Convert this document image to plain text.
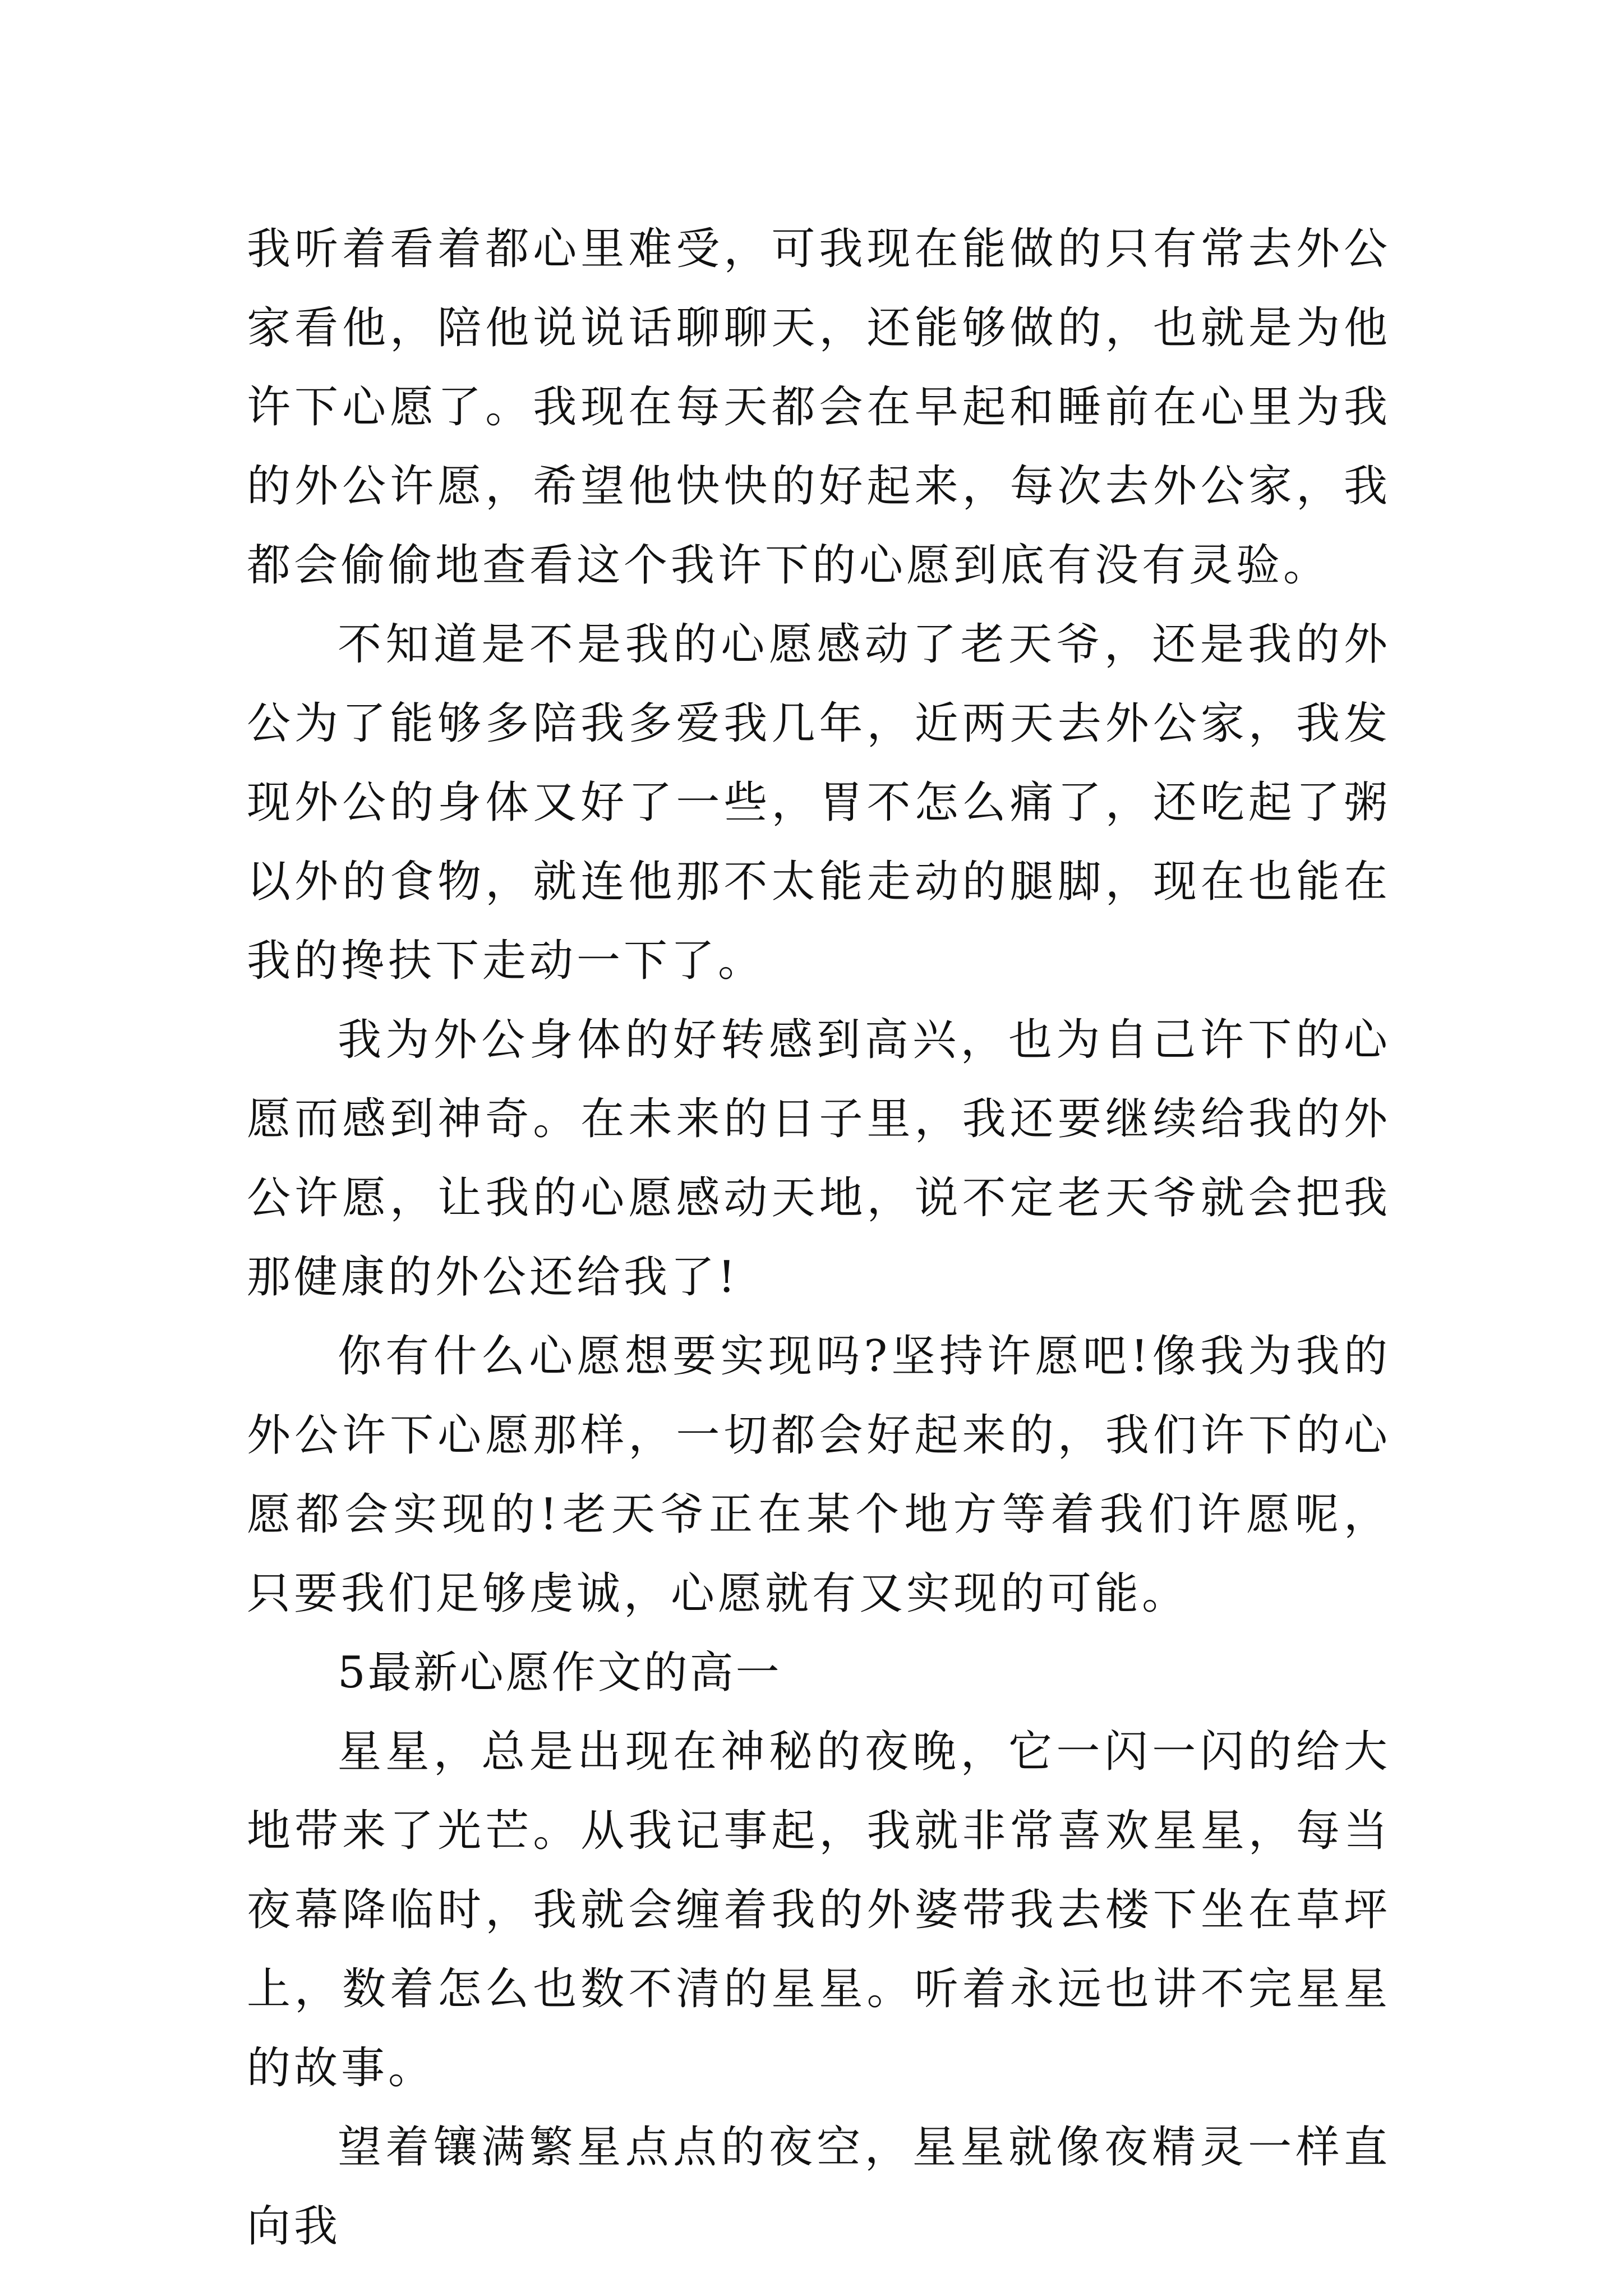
我听着看着都心里难受，可我现在能做的只有常去外公家看他，陪他说说话聊聊天，还能够做的，也就是为他许下心愿了。我现在每天都会在早起和睡前在心里为我的外公许愿，希望他快快的好起来，每次去外公家，我都会偷偷地查看这个我许下的心愿到底有没有灵验。

不知道是不是我的心愿感动了老天爷，还是我的外公为了能够多陪我多爱我几年，近两天去外公家，我发现外公的身体又好了一些，胃不怎么痛了，还吃起了粥以外的食物，就连他那不太能走动的腿脚，现在也能在我的搀扶下走动一下了。

我为外公身体的好转感到高兴，也为自己许下的心愿而感到神奇。在未来的日子里，我还要继续给我的外公许愿，让我的心愿感动天地，说不定老天爷就会把我那健康的外公还给我了!

你有什么心愿想要实现吗?坚持许愿吧!像我为我的外公许下心愿那样，一切都会好起来的，我们许下的心愿都会实现的!老天爷正在某个地方等着我们许愿呢，只要我们足够虔诚，心愿就有又实现的可能。

5最新心愿作文的高一

星星，总是出现在神秘的夜晚，它一闪一闪的给大地带来了光芒。从我记事起，我就非常喜欢星星，每当夜幕降临时，我就会缠着我的外婆带我去楼下坐在草坪上，数着怎么也数不清的星星。听着永远也讲不完星星的故事。

望着镶满繁星点点的夜空，星星就像夜精灵一样直向我
